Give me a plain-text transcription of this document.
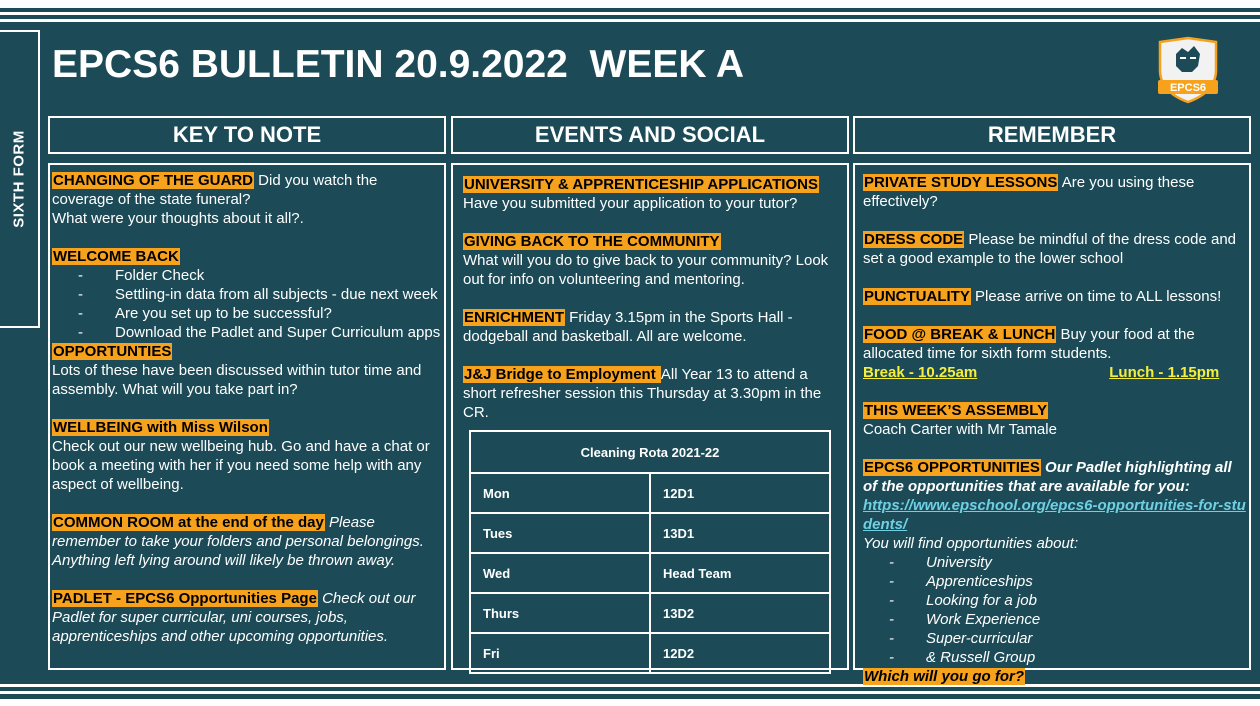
SIXTH FORM
EPCS6 BULLETIN 20.9.2022  WEEK A
EPCS6
KEY TO NOTE	EVENTS AND SOCIAL	REMEMBER
CHANGING OF THE GUARD Did you watch the coverage of the state funeral?
What were your thoughts about it all?.
WELCOME BACK
- Folder Check
- Settling-in data from all subjects - due next week
- Are you set up to be successful?
- Download the Padlet and Super Curriculum apps
OPPORTUNTIES
Lots of these have been discussed within tutor time and assembly. What will you take part in?
WELLBEING with Miss Wilson
Check out our new wellbeing hub. Go and have a chat or book a meeting with her if you need some help with any aspect of wellbeing.
COMMON ROOM at the end of the day Please remember to take your folders and personal belongings. Anything left lying around will likely be thrown away.
PADLET - EPCS6 Opportunities Page Check out our Padlet for super curricular, uni courses, jobs, apprenticeships and other upcoming opportunities.
UNIVERSITY & APPRENTICESHIP APPLICATIONS
Have you submitted your application to your tutor?
GIVING BACK TO THE COMMUNITY
What will you do to give back to your community? Look out for info on volunteering and mentoring.
ENRICHMENT Friday 3.15pm in the Sports Hall - dodgeball and basketball. All are welcome.
J&J Bridge to Employment All Year 13 to attend a short refresher session this Thursday at 3.30pm in the CR.
Cleaning Rota 2021-22	
Mon	12D1
Tues	13D1
Wed	Head Team
Thurs	13D2
Fri	12D2
PRIVATE STUDY LESSONS Are you using these effectively?
DRESS CODE Please be mindful of the dress code and set a good example to the lower school
PUNCTUALITY Please arrive on time to ALL lessons!
FOOD @ BREAK & LUNCH Buy your food at the allocated time for sixth form students.
Break - 10.25am	Lunch - 1.15pm
THIS WEEK’S ASSEMBLY
Coach Carter with Mr Tamale
EPCS6 OPPORTUNITIES Our Padlet highlighting all of the opportunities that are available for you:
https://www.epschool.org/epcs6-opportunities-for-students/
You will find opportunities about:
- University
- Apprenticeships
- Looking for a job
- Work Experience
- Super-curricular
- & Russell Group
Which will you go for?
